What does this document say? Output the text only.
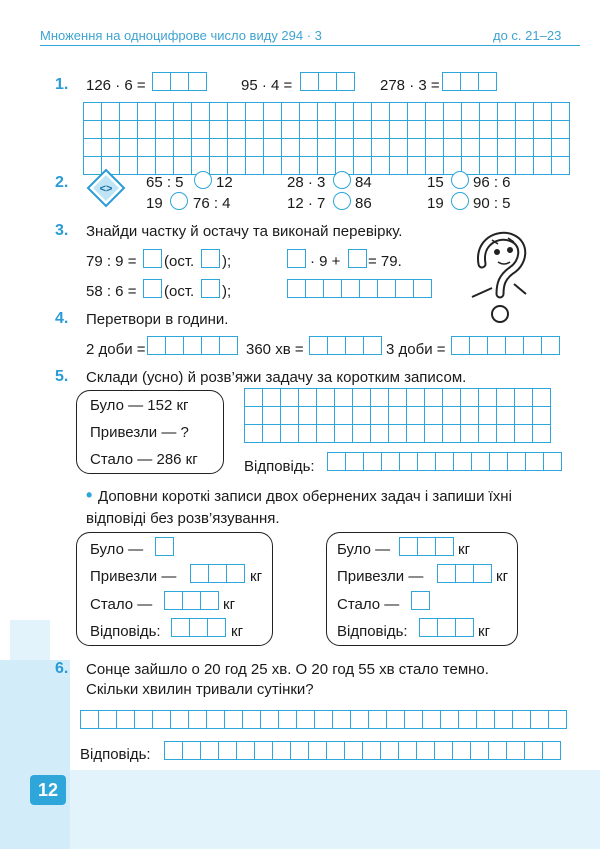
Множення на одноцифрове число виду 294 · 3	до с. 21–23
12
1. 126 · 6 =	95 · 4 =	278 · 3 =
2.	<> 65 : 5 12	28 · 3 84	15 96 : 6
19 76 : 4	12 · 7 86	19 90 : 5
3. Знайди частку й остачу та виконай перевірку.
79 : 9 = (ост. );	· 9 + = 79.
58 : 6 = (ост. );
4. Перетвори в години.
2 доби =	360 хв =	3 доби =
5. Склади (усно) й розв’яжи задачу за коротким записом.
Було — 152 кг
Привезли — ?
Стало — 286 кг	Відповідь:
• Доповни короткі записи двох обернених задач і запиши їхні
відповіді без розв’язування.
Було —
Привезли —	кг
Стало —	кг
Відповідь:	кг
Було —	кг
Привезли —	кг
Стало —
Відповідь:	кг
6. Сонце зайшло о 20 год 25 хв. О 20 год 55 хв стало темно.
Скільки хвилин тривали сутінки?
Відповідь:
